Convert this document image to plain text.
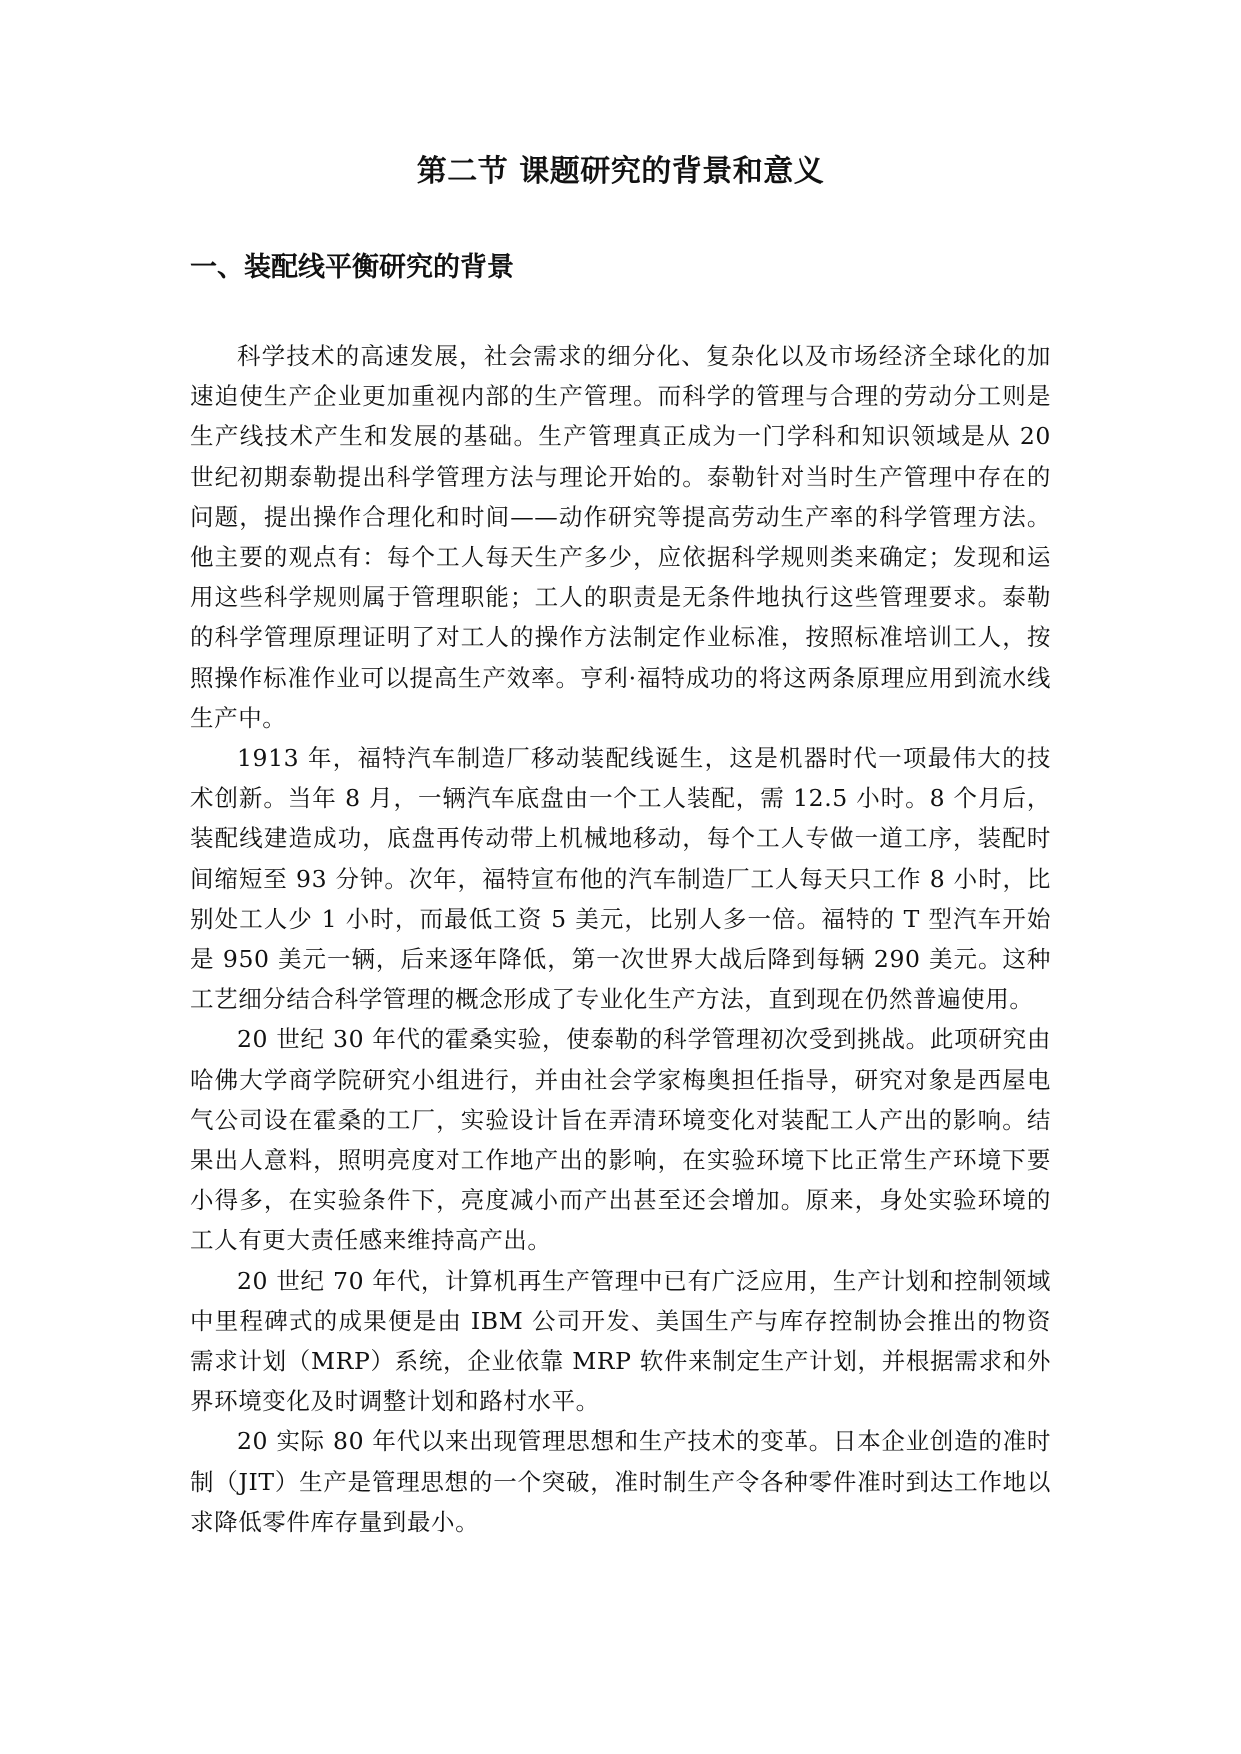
第二节 课题研究的背景和意义
一、装配线平衡研究的背景

科学技术的高速发展，社会需求的细分化、复杂化以及市场经济全球化的加速迫使生产企业更加重视内部的生产管理。而科学的管理与合理的劳动分工则是生产线技术产生和发展的基础。生产管理真正成为一门学科和知识领域是从 20 世纪初期泰勒提出科学管理方法与理论开始的。泰勒针对当时生产管理中存在的问题，提出操作合理化和时间——动作研究等提高劳动生产率的科学管理方法。他主要的观点有：每个工人每天生产多少，应依据科学规则类来确定；发现和运用这些科学规则属于管理职能；工人的职责是无条件地执行这些管理要求。泰勒的科学管理原理证明了对工人的操作方法制定作业标准，按照标准培训工人，按照操作标准作业可以提高生产效率。亨利·福特成功的将这两条原理应用到流水线生产中。

1913 年，福特汽车制造厂移动装配线诞生，这是机器时代一项最伟大的技术创新。当年 8 月，一辆汽车底盘由一个工人装配，需 12.5 小时。8 个月后，装配线建造成功，底盘再传动带上机械地移动，每个工人专做一道工序，装配时间缩短至 93 分钟。次年，福特宣布他的汽车制造厂工人每天只工作 8 小时，比别处工人少 1 小时，而最低工资 5 美元，比别人多一倍。福特的 T 型汽车开始是 950 美元一辆，后来逐年降低，第一次世界大战后降到每辆 290 美元。这种工艺细分结合科学管理的概念形成了专业化生产方法，直到现在仍然普遍使用。

20 世纪 30 年代的霍桑实验，使泰勒的科学管理初次受到挑战。此项研究由哈佛大学商学院研究小组进行，并由社会学家梅奥担任指导，研究对象是西屋电气公司设在霍桑的工厂，实验设计旨在弄清环境变化对装配工人产出的影响。结果出人意料，照明亮度对工作地产出的影响，在实验环境下比正常生产环境下要小得多，在实验条件下，亮度减小而产出甚至还会增加。原来，身处实验环境的工人有更大责任感来维持高产出。

20 世纪 70 年代，计算机再生产管理中已有广泛应用，生产计划和控制领域中里程碑式的成果便是由 IBM 公司开发、美国生产与库存控制协会推出的物资需求计划（MRP）系统，企业依靠 MRP 软件来制定生产计划，并根据需求和外界环境变化及时调整计划和路村水平。

20 实际 80 年代以来出现管理思想和生产技术的变革。日本企业创造的准时制（JIT）生产是管理思想的一个突破，准时制生产令各种零件准时到达工作地以求降低零件库存量到最小。
